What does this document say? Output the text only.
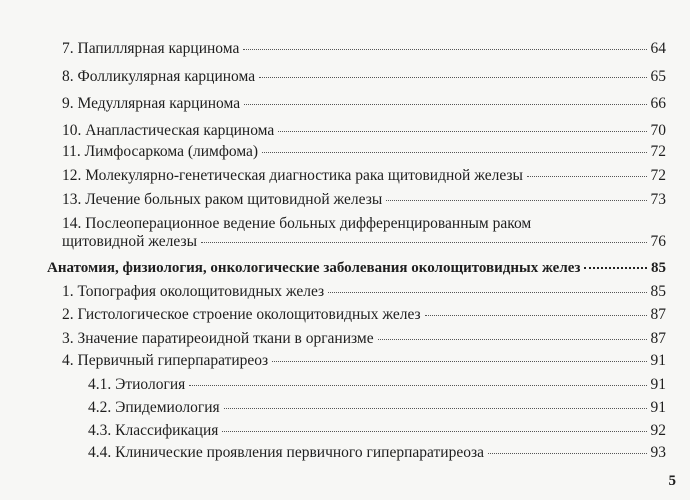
7. Папиллярная карцинома	64
8. Фолликулярная карцинома	65
9. Медуллярная карцинома	66
10. Анапластическая карцинома	70
11. Лимфосаркома (лимфома)	72
12. Молекулярно-генетическая диагностика рака щитовидной железы	72
13. Лечение больных раком щитовидной железы	73
14. Послеоперационное ведение больных дифференцированным раком
щитовидной железы	76
Анатомия, физиология, онкологические заболевания околощитовидных желез	85
1. Топография околощитовидных желез	85
2. Гистологическое строение околощитовидных желез	87
3. Значение паратиреоидной ткани в организме	87
4. Первичный гиперпаратиреоз	91
4.1. Этиология	91
4.2. Эпидемиология	91
4.3. Классификация	92
4.4. Клинические проявления первичного гиперпаратиреоза	93
5
